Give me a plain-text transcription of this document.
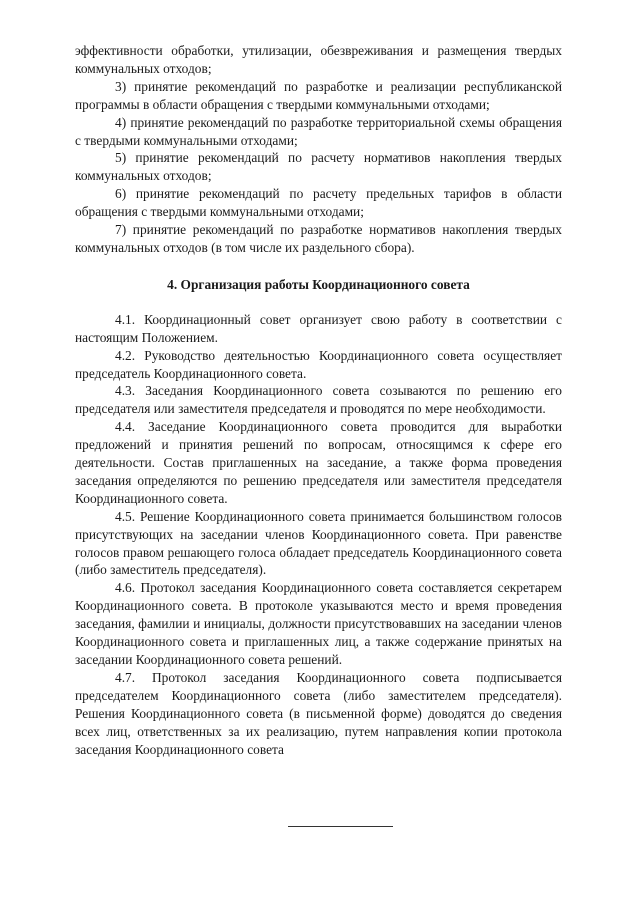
эффективности обработки, утилизации, обезвреживания и размещения твердых коммунальных отходов;

3) принятие рекомендаций по разработке и реализации республиканской программы в области обращения с твердыми коммунальными отходами;

4) принятие рекомендаций по разработке территориальной схемы обращения с твердыми коммунальными отходами;

5) принятие рекомендаций по расчету нормативов накопления твердых коммунальных отходов;

6) принятие рекомендаций по расчету предельных тарифов в области обращения с твердыми коммунальными отходами;

7) принятие рекомендаций по разработке нормативов накопления твердых коммунальных отходов (в том числе их раздельного сбора).

4. Организация работы Координационного совета

4.1. Координационный совет организует свою работу в соответствии с настоящим Положением.

4.2. Руководство деятельностью Координационного совета осуществляет председатель Координационного совета.

4.3. Заседания Координационного совета созываются по решению его председателя или заместителя председателя и проводятся по мере необходимости.

4.4. Заседание Координационного совета проводится для выработки предложений и принятия решений по вопросам, относящимся к сфере его деятельности. Состав приглашенных на заседание, а также форма проведения заседания определяются по решению председателя или заместителя председателя Координационного совета.

4.5. Решение Координационного совета принимается большинством голосов присутствующих на заседании членов Координационного совета. При равенстве голосов правом решающего голоса обладает председатель Координационного совета (либо заместитель председателя).

4.6. Протокол заседания Координационного совета составляется секретарем Координационного совета. В протоколе указываются место и время проведения заседания, фамилии и инициалы, должности присутствовавших на заседании членов Координационного совета и приглашенных лиц, а также содержание принятых на заседании Координационного совета решений.

4.7. Протокол заседания Координационного совета подписывается председателем Координационного совета (либо заместителем председателя). Решения Координационного совета (в письменной форме) доводятся до сведения всех лиц, ответственных за их реализацию, путем направления копии протокола заседания Координационного совета
